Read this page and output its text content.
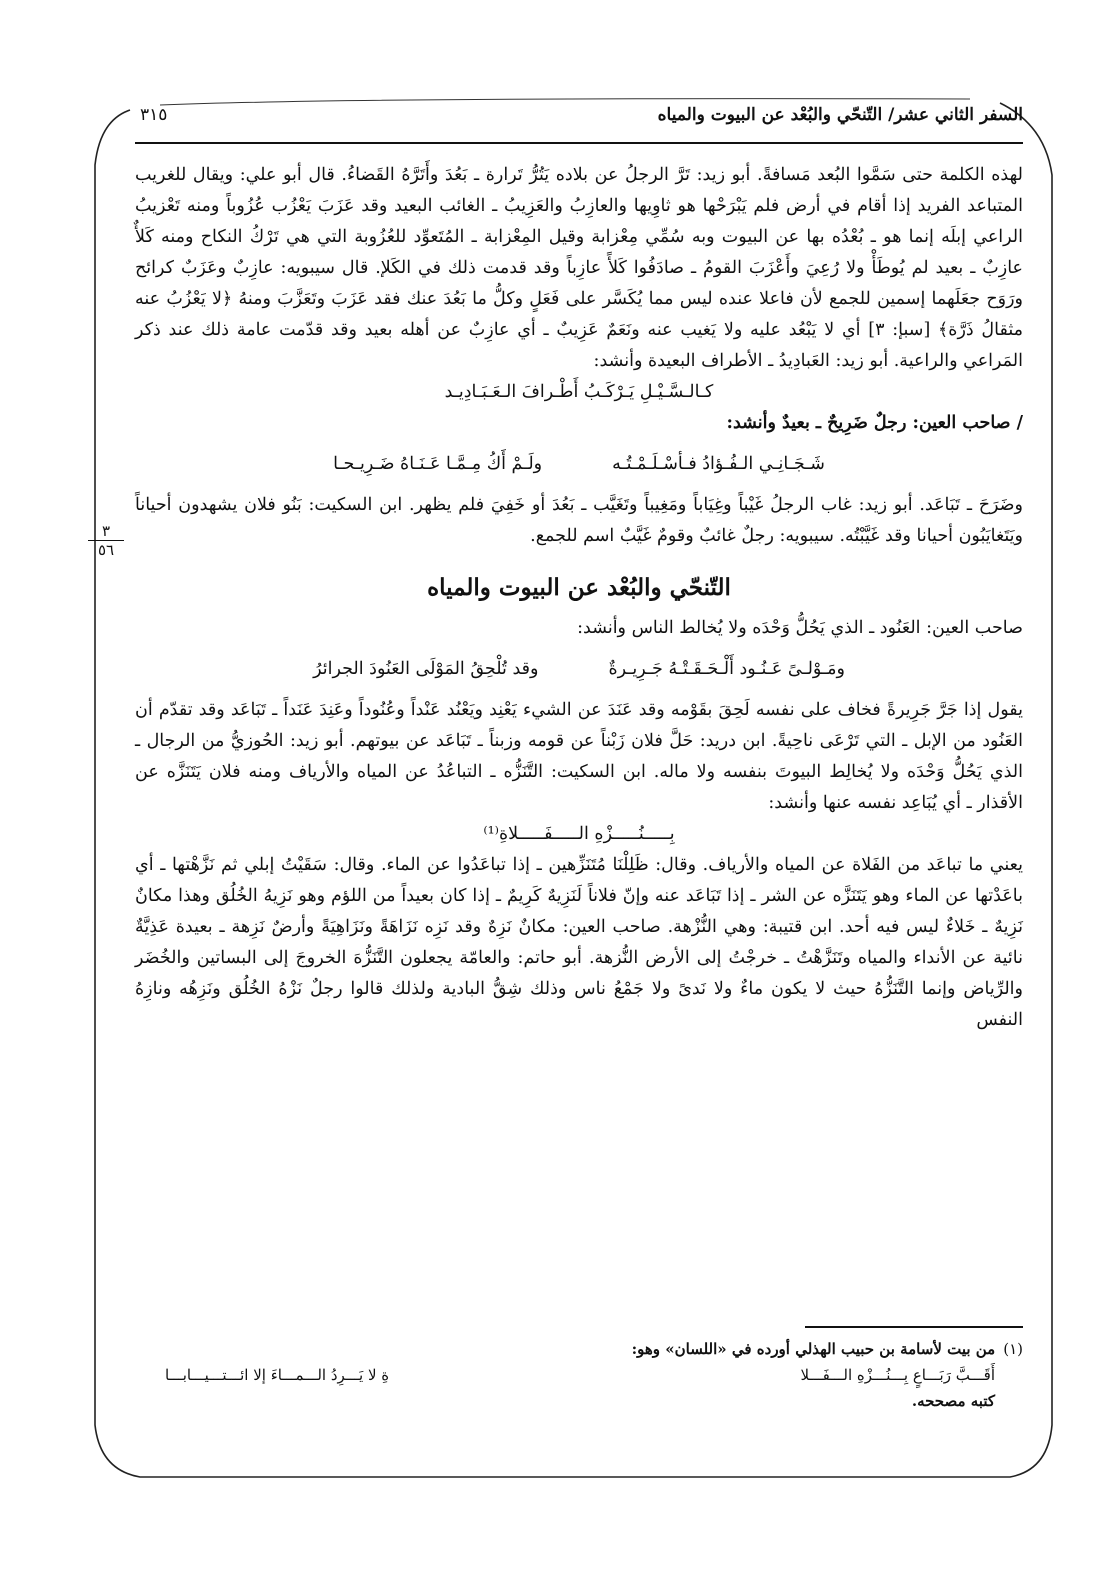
السفر الثاني عشر/ التّنحّي والبُعْد عن البيوت والمياه
٣١٥
٣
٥٦

لهذه الكلمة حتى سَمَّوا البُعد مَسافةً. أبو زيد: تَرَّ الرجلُ عن بلاده يَتُرُّ تَرارة ـ بَعُدَ وأَتَرَّهُ القَضاءُ. قال أبو علي: ويقال للغريب المتباعد الفريد إذا أقام في أرض فلم يَبْرَحْها هو ثاوِيها والعازِبُ والعَزِيبُ ـ الغائب البعيد وقد عَزَبَ يَعْزُب عُزُوباً ومنه تَعْزيبُ الراعي إبلَه إنما هو ـ بُعْدُه بها عن البيوت وبه سُمِّي مِعْزابة وقيل المِعْزابة ـ المُتَعوِّد للعُزُوبة التي هي تَرْكُ النكاح ومنه كَلأٌ عازِبٌ ـ بعيد لم يُوطَأْ ولا رُعِيَ وأَعْزَبَ القومُ ـ صادَفُوا كَلأً عازِباً وقد قدمت ذلك في الكَلإ. قال سيبويه: عازِبٌ وعَزَبٌ كرائح ورَوَح جعَلَهما إسمين للجمع لأن فاعلا عنده ليس مما يُكَسَّر على فَعَلٍ وكلُّ ما بَعُدَ عنك فقد عَزَبَ وتَعَزَّبَ ومنهُ ﴿لا يَعْزُبُ عنه مثقالُ ذَرَّة﴾ [سبإ: ٣] أي لا يَبْعُد عليه ولا يَغيب عنه ونَعَمٌ عَزِيبٌ ـ أي عازِبٌ عن أهله بعيد وقد قدّمت عامة ذلك عند ذكر المَراعي والراعية. أبو زيد: العَبادِيدُ ـ الأطراف البعيدة وأنشد:

كـالـسَّـيْـلِ يَـرْكَـبُ أَطْـرافَ الـعَـبَـادِيـد

/ صاحب العين: رجلٌ ضَرِيحٌ ـ بعيدٌ وأنشد:

شَـجَـانِـي الـفُـؤادُ فـأسْـلَـمْـتُـه
ولَـمْ أَكُ مِـمَّـا عَـنَـاهُ ضَـرِيـحـا

وضَرَحَ ـ تَبَاعَد. أبو زيد: غاب الرجلُ غَيْباً وغِيَاباً ومَغِيباً وتَغَيَّب ـ بَعُدَ أو خَفِيَ فلم يظهر. ابن السكيت: بَنُو فلان يشهدون أحياناً ويَتَغايَبُون أحيانا وقد غَيَّبْتُه. سيبويه: رجلٌ غائبٌ وقومٌ غَيَّبٌ اسم للجمع.

التّنحّي والبُعْد عن البيوت والمياه

صاحب العين: العَنُود ـ الذي يَحُلُّ وَحْدَه ولا يُخالط الناس وأنشد:

ومَـوْلـىً عَـنُـود أَلْـحَـقَـتْـهُ جَـرِيـرةٌ
وقد تُلْحِقُ المَوْلَى العَنُودَ الجرائرُ

يقول إذا جَرَّ جَرِيرةً فخاف على نفسه لَحِقَ بقَوْمه وقد عَنَدَ عن الشيء يَعْنِد ويَعْنُد عَنْداً وعُنُوداً وعَنِدَ عَنَداً ـ تَبَاعَد وقد تقدّم أن العَنُود من الإبل ـ التي تَرْعَى ناحِيةً. ابن دريد: حَلَّ فلان زَبْناً عن قومه وزبناً ـ تَبَاعَد عن بيوتهم. أبو زيد: الحُوزيُّ من الرجال ـ الذي يَحُلُّ وَحْدَه ولا يُخالِط البيوتَ بنفسه ولا ماله. ابن السكيت: التَّنَزُّه ـ التباعُدُ عن المياه والأرياف ومنه فلان يَتَنَزَّه عن الأقذار ـ أي يُبَاعِد نفسه عنها وأنشد:

بِـــــنُـــــزْهِ الـــــفَـــــلاةِ⁽¹⁾

يعني ما تباعَد من الفَلاة عن المياه والأرياف. وقال: ظَلِلْنَا مُتَنَزِّهين ـ إذا تباعَدُوا عن الماء. وقال: سَقَيْتُ إبلي ثم نَزَّهْتها ـ أي باعَدْتها عن الماء وهو يَتَنَزَّه عن الشر ـ إذا تَبَاعَد عنه وإنّ فلاناً لَنَزِيهٌ كَرِيمٌ ـ إذا كان بعيداً من اللؤم وهو نَزِيهُ الخُلُق وهذا مكانٌ نَزِيهٌ ـ خَلاءٌ ليس فيه أحد. ابن قتيبة: وهي النُّزْهة. صاحب العين: مكانٌ نَزِهٌ وقد نَزِه نَزَاهَةً ونَزَاهِيَةً وأرضٌ نَزِهة ـ بعيدة عَذِيَّةٌ نائية عن الأنداء والمياه وتَنَزَّهْتُ ـ خرجْتُ إلى الأرض النُّزهة. أبو حاتم: والعامّة يجعلون التَّنَزُّهَ الخروجَ إلى البساتين والخُضَر والرِّياض وإنما التَّنَزُّهُ حيث لا يكون ماءٌ ولا نَدىً ولا جَمْعُ ناس وذلك شِقُّ البادية ولذلك قالوا رجلٌ نَزْهُ الخُلُق ونَزِهُه ونازِهُ النفس

(١)
من بيت لأسامة بن حبيب الهذلي أورده في «اللسان» وهو:
أَقَـــبَّ رَبَـــاعٍ بِـــنُـــزْهِ الـــفَـــلا
ةِ لا يَـــرِدُ الـــمـــاءَ إلا ائـــتـــيـــابـــا
كتبه مصححه.
